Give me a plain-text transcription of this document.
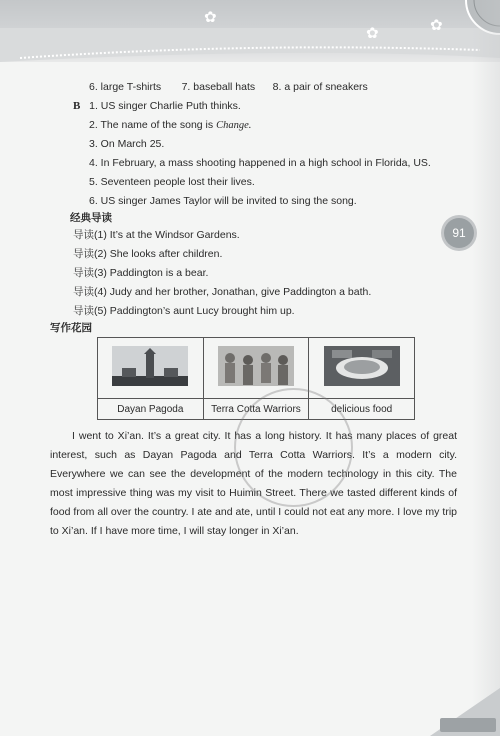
✿
✿	✿
91
6. large T-shirts 7. baseball hats 8. a pair of sneakers
B 1. US singer Charlie Puth thinks.
2. The name of the song is Change.
3. On March 25.
4. In February, a mass shooting happened in a high school in Florida, US.
5. Seventeen people lost their lives.
6. US singer James Taylor will be invited to sing the song.
经典导读
导读(1) It’s at the Windsor Gardens.
导读(2) She looks after children.
导读(3) Paddington is a bear.
导读(4) Judy and her brother, Jonathan, give Paddington a bath.
导读(5) Paddington’s aunt Lucy brought him up.
写作花园

Dayan Pagoda	Terra Cotta Warriors	delicious food

I went to Xi’an. It’s a great city. It has a long history. It has many places of great interest, such as Dayan Pagoda and Terra Cotta Warriors. It’s a modern city. Everywhere we can see the development of the modern technology in this city. The most impressive thing was my visit to Huimin Street. There we tasted different kinds of food from all over the country. I ate and ate, until I could not eat any more. I love my trip to Xi’an. If I have more time, I will stay longer in Xi’an.
